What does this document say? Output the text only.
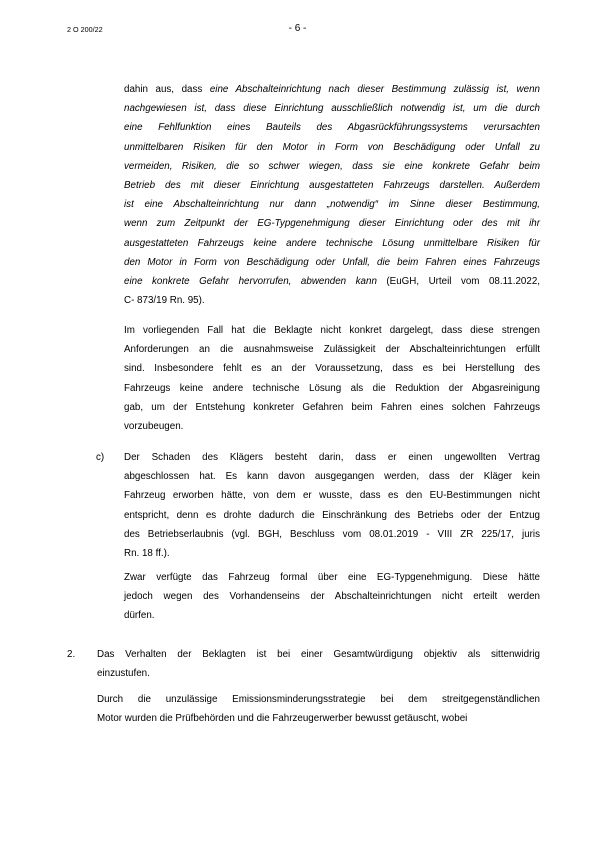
2 O 200/22	- 6 -
dahin aus, dass eine Abschalteinrichtung nach dieser Bestimmung zulässig ist, wenn
nachgewiesen ist, dass diese Einrichtung ausschließlich notwendig ist, um die durch
eine Fehlfunktion eines Bauteils des Abgasrückführungssystems verursachten
unmittelbaren Risiken für den Motor in Form von Beschädigung oder Unfall zu
vermeiden, Risiken, die so schwer wiegen, dass sie eine konkrete Gefahr beim
Betrieb des mit dieser Einrichtung ausgestatteten Fahrzeugs darstellen. Außerdem
ist eine Abschalteinrichtung nur dann „notwendig“ im Sinne dieser Bestimmung,
wenn zum Zeitpunkt der EG-Typgenehmigung dieser Einrichtung oder des mit ihr
ausgestatteten Fahrzeugs keine andere technische Lösung unmittelbare Risiken für
den Motor in Form von Beschädigung oder Unfall, die beim Fahren eines Fahrzeugs
eine konkrete Gefahr hervorrufen, abwenden kann (EuGH, Urteil vom 08.11.2022,
C- 873/19 Rn. 95).
Im vorliegenden Fall hat die Beklagte nicht konkret dargelegt, dass diese strengen
Anforderungen an die ausnahmsweise Zulässigkeit der Abschalteinrichtungen erfüllt
sind. Insbesondere fehlt es an der Voraussetzung, dass es bei Herstellung des
Fahrzeugs keine andere technische Lösung als die Reduktion der Abgasreinigung
gab, um der Entstehung konkreter Gefahren beim Fahren eines solchen Fahrzeugs
vorzubeugen.
c) Der Schaden des Klägers besteht darin, dass er einen ungewollten Vertrag
abgeschlossen hat. Es kann davon ausgegangen werden, dass der Kläger kein
Fahrzeug erworben hätte, von dem er wusste, dass es den EU-Bestimmungen nicht
entspricht, denn es drohte dadurch die Einschränkung des Betriebs oder der Entzug
des Betriebserlaubnis (vgl. BGH, Beschluss vom 08.01.2019 - VIII ZR 225/17, juris
Rn. 18 ff.).
Zwar verfügte das Fahrzeug formal über eine EG-Typgenehmigung. Diese hätte
jedoch wegen des Vorhandenseins der Abschalteinrichtungen nicht erteilt werden
dürfen.
2. Das Verhalten der Beklagten ist bei einer Gesamtwürdigung objektiv als sittenwidrig
einzustufen.
Durch die unzulässige Emissionsminderungsstrategie bei dem streitgegenständlichen
Motor wurden die Prüfbehörden und die Fahrzeugerwerber bewusst getäuscht, wobei
